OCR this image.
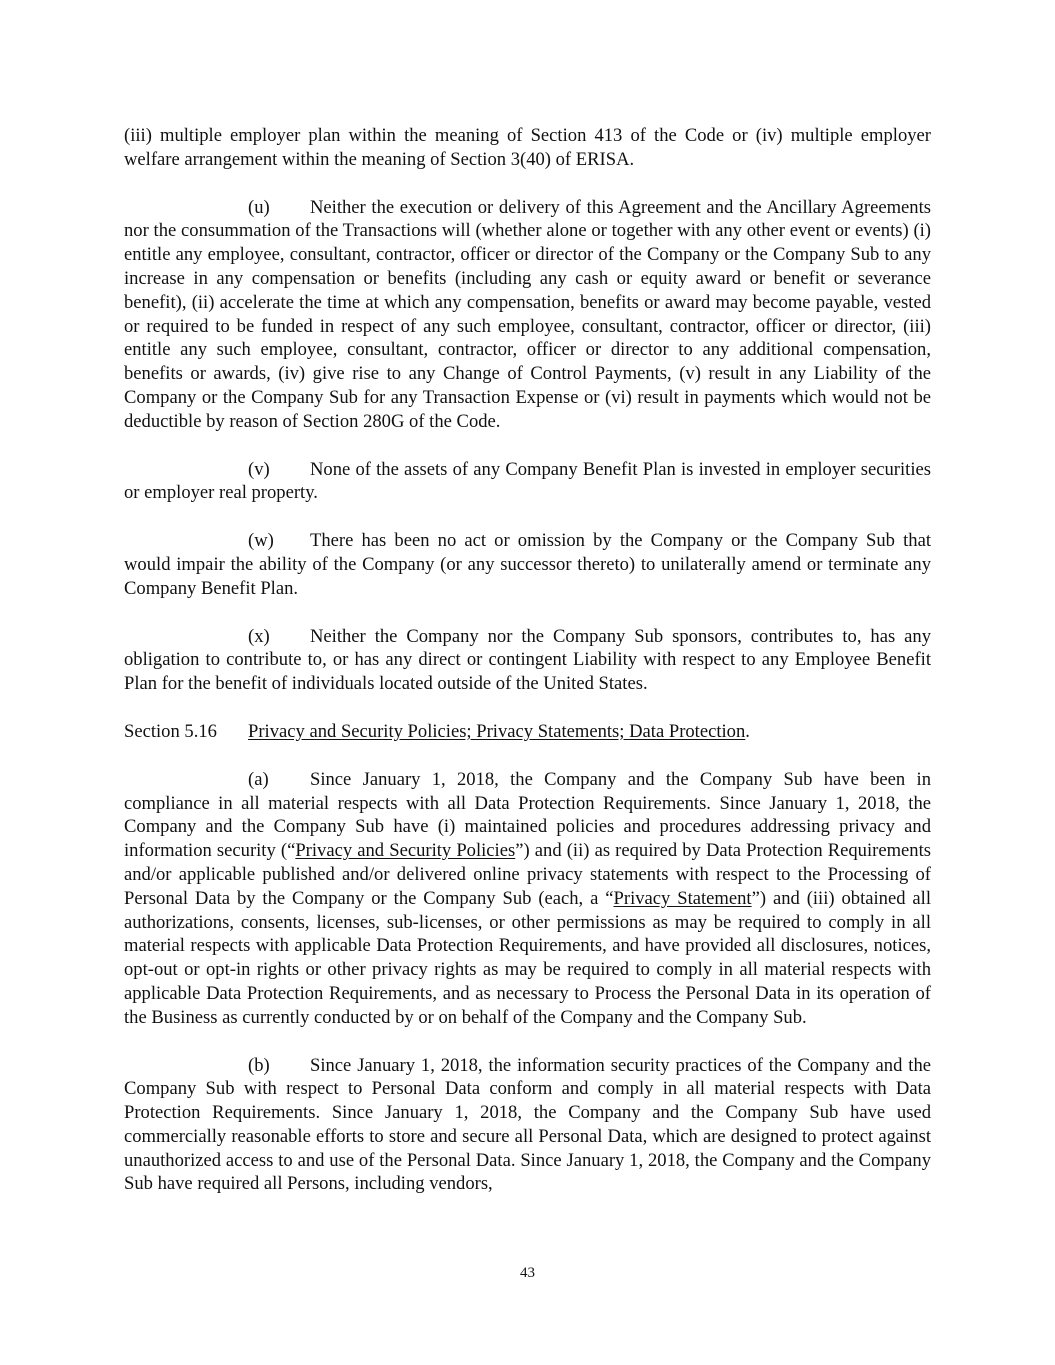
(iii) multiple employer plan within the meaning of Section 413 of the Code or (iv) multiple employer welfare arrangement within the meaning of Section 3(40) of ERISA.

(u) Neither the execution or delivery of this Agreement and the Ancillary Agreements nor the consummation of the Transactions will (whether alone or together with any other event or events) (i) entitle any employee, consultant, contractor, officer or director of the Company or the Company Sub to any increase in any compensation or benefits (including any cash or equity award or benefit or severance benefit), (ii) accelerate the time at which any compensation, benefits or award may become payable, vested or required to be funded in respect of any such employee, consultant, contractor, officer or director, (iii) entitle any such employee, consultant, contractor, officer or director to any additional compensation, benefits or awards, (iv) give rise to any Change of Control Payments, (v) result in any Liability of the Company or the Company Sub for any Transaction Expense or (vi) result in payments which would not be deductible by reason of Section 280G of the Code.

(v) None of the assets of any Company Benefit Plan is invested in employer securities or employer real property.

(w) There has been no act or omission by the Company or the Company Sub that would impair the ability of the Company (or any successor thereto) to unilaterally amend or terminate any Company Benefit Plan.

(x) Neither the Company nor the Company Sub sponsors, contributes to, has any obligation to contribute to, or has any direct or contingent Liability with respect to any Employee Benefit Plan for the benefit of individuals located outside of the United States.

Section 5.16 Privacy and Security Policies; Privacy Statements; Data Protection.

(a) Since January 1, 2018, the Company and the Company Sub have been in compliance in all material respects with all Data Protection Requirements. Since January 1, 2018, the Company and the Company Sub have (i) maintained policies and procedures addressing privacy and information security (“Privacy and Security Policies”) and (ii) as required by Data Protection Requirements and/or applicable published and/or delivered online privacy statements with respect to the Processing of Personal Data by the Company or the Company Sub (each, a “Privacy Statement”) and (iii) obtained all authorizations, consents, licenses, sub-licenses, or other permissions as may be required to comply in all material respects with applicable Data Protection Requirements, and have provided all disclosures, notices, opt-out or opt-in rights or other privacy rights as may be required to comply in all material respects with applicable Data Protection Requirements, and as necessary to Process the Personal Data in its operation of the Business as currently conducted by or on behalf of the Company and the Company Sub.

(b) Since January 1, 2018, the information security practices of the Company and the Company Sub with respect to Personal Data conform and comply in all material respects with Data Protection Requirements. Since January 1, 2018, the Company and the Company Sub have used commercially reasonable efforts to store and secure all Personal Data, which are designed to protect against unauthorized access to and use of the Personal Data. Since January 1, 2018, the Company and the Company Sub have required all Persons, including vendors,

43
